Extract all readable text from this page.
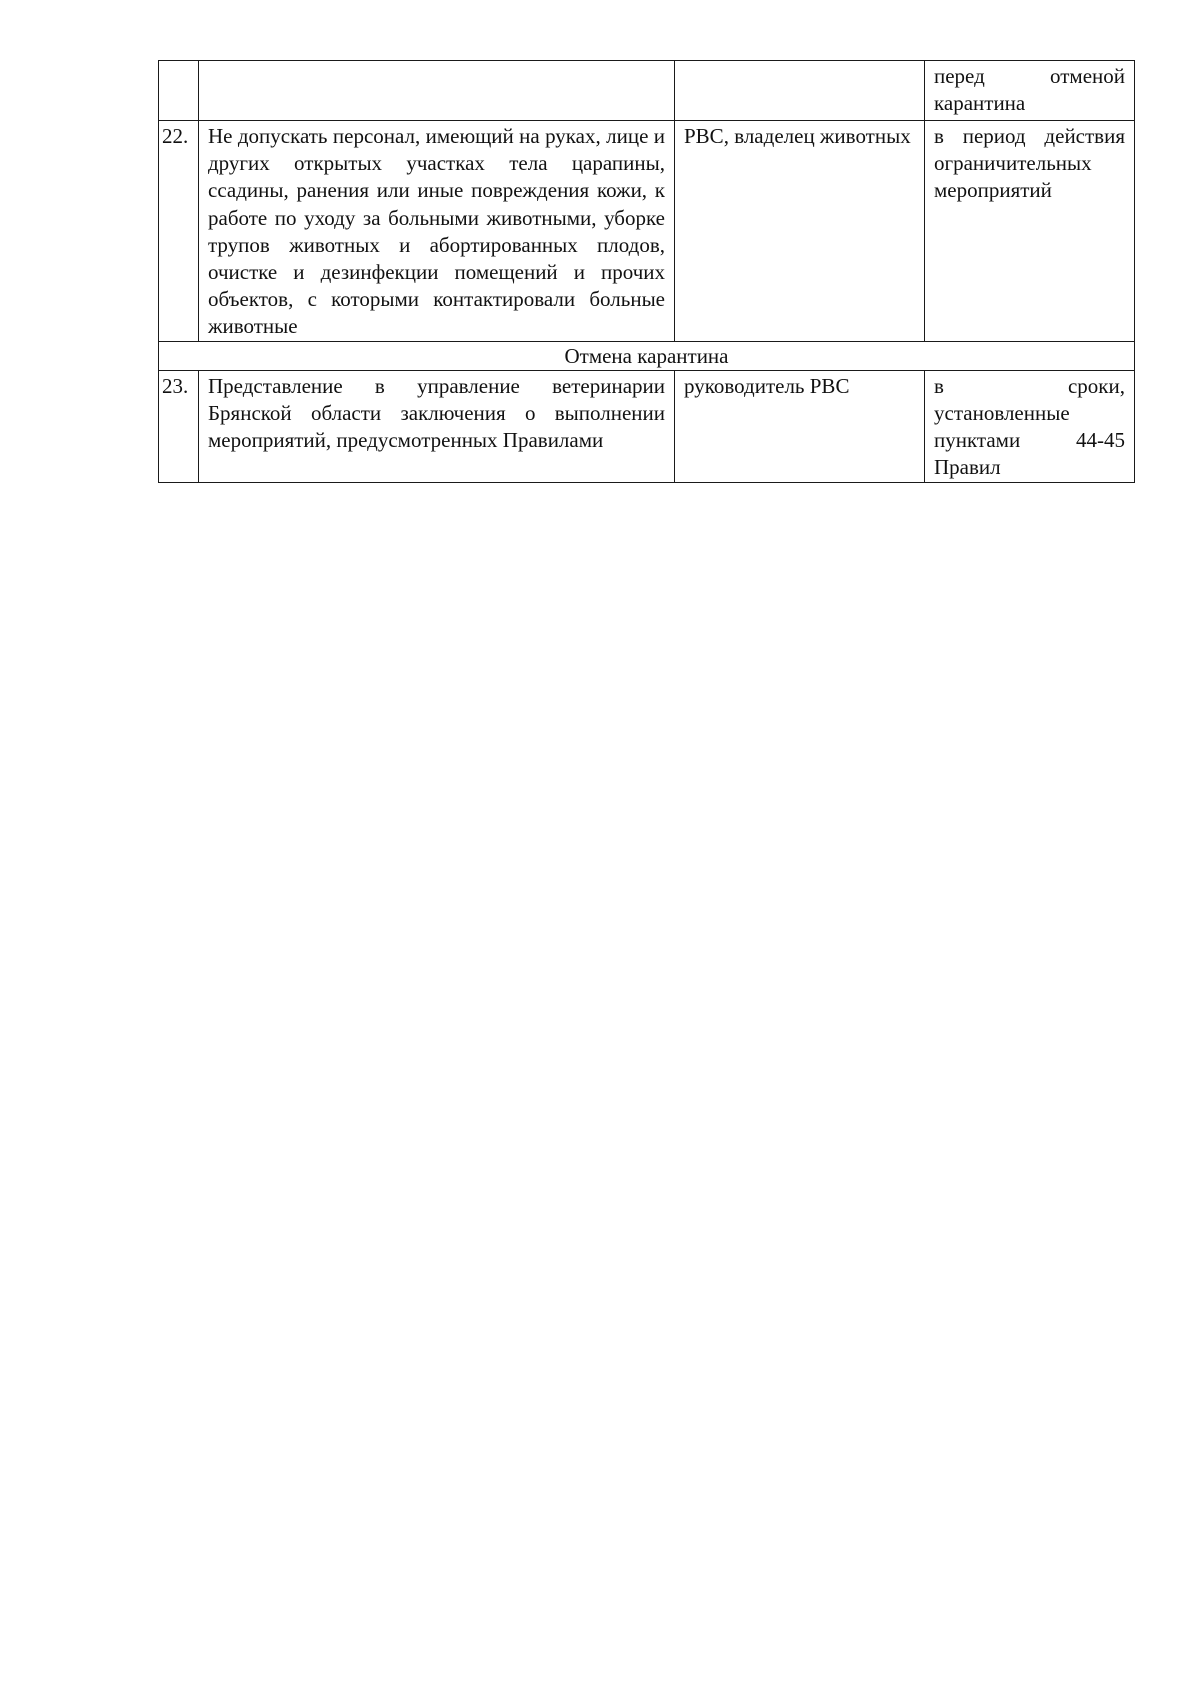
			перед отменой карантина
22.	Не допускать персонал, имеющий на руках, лице и других открытых участках тела царапины, ссадины, ранения или иные повреждения кожи, к работе по уходу за больными животными, уборке трупов животных и абортированных плодов, очистке и дезинфекции помещений и прочих объектов, с которыми контактировали больные животные	РВС, владелец животных	в период действия ограничительных мероприятий
Отмена карантина			
23.	Представление в управление ветеринарии Брянской области заключения о выполнении мероприятий, предусмотренных Правилами	руководитель РВС	в сроки, установленные пунктами 44-45 Правил
